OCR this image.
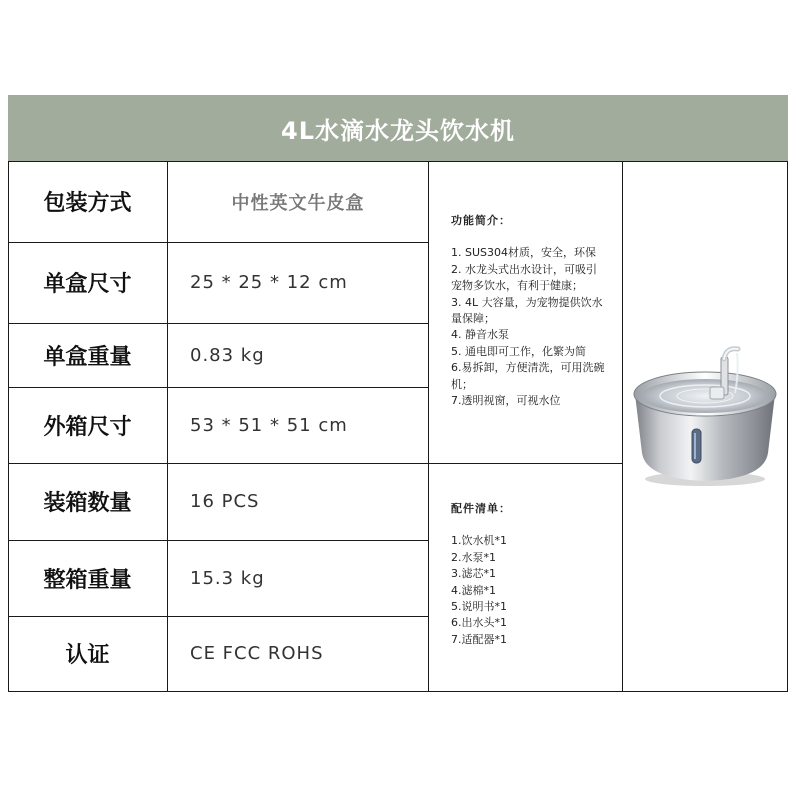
4L水滴水龙头饮水机
包装方式	中性英文牛皮盒
单盒尺寸	25 * 25 * 12 cm
单盒重量	0.83 kg
外箱尺寸	53 * 51 * 51 cm
装箱数量	16 PCS
整箱重量	15.3 kg
认证	CE FCC ROHS
功能简介：
1. SUS304材质，安全，环保
2. 水龙头式出水设计，可吸引宠物多饮水，有利于健康；
3. 4L 大容量，为宠物提供饮水量保障；
4. 静音水泵
5. 通电即可工作，化繁为简
6.易拆卸，方便清洗，可用洗碗机；
7.透明视窗，可视水位
配件清单：
1.饮水机*1
2.水泵*1
3.滤芯*1
4.滤棉*1
5.说明书*1
6.出水头*1
7.适配器*1
